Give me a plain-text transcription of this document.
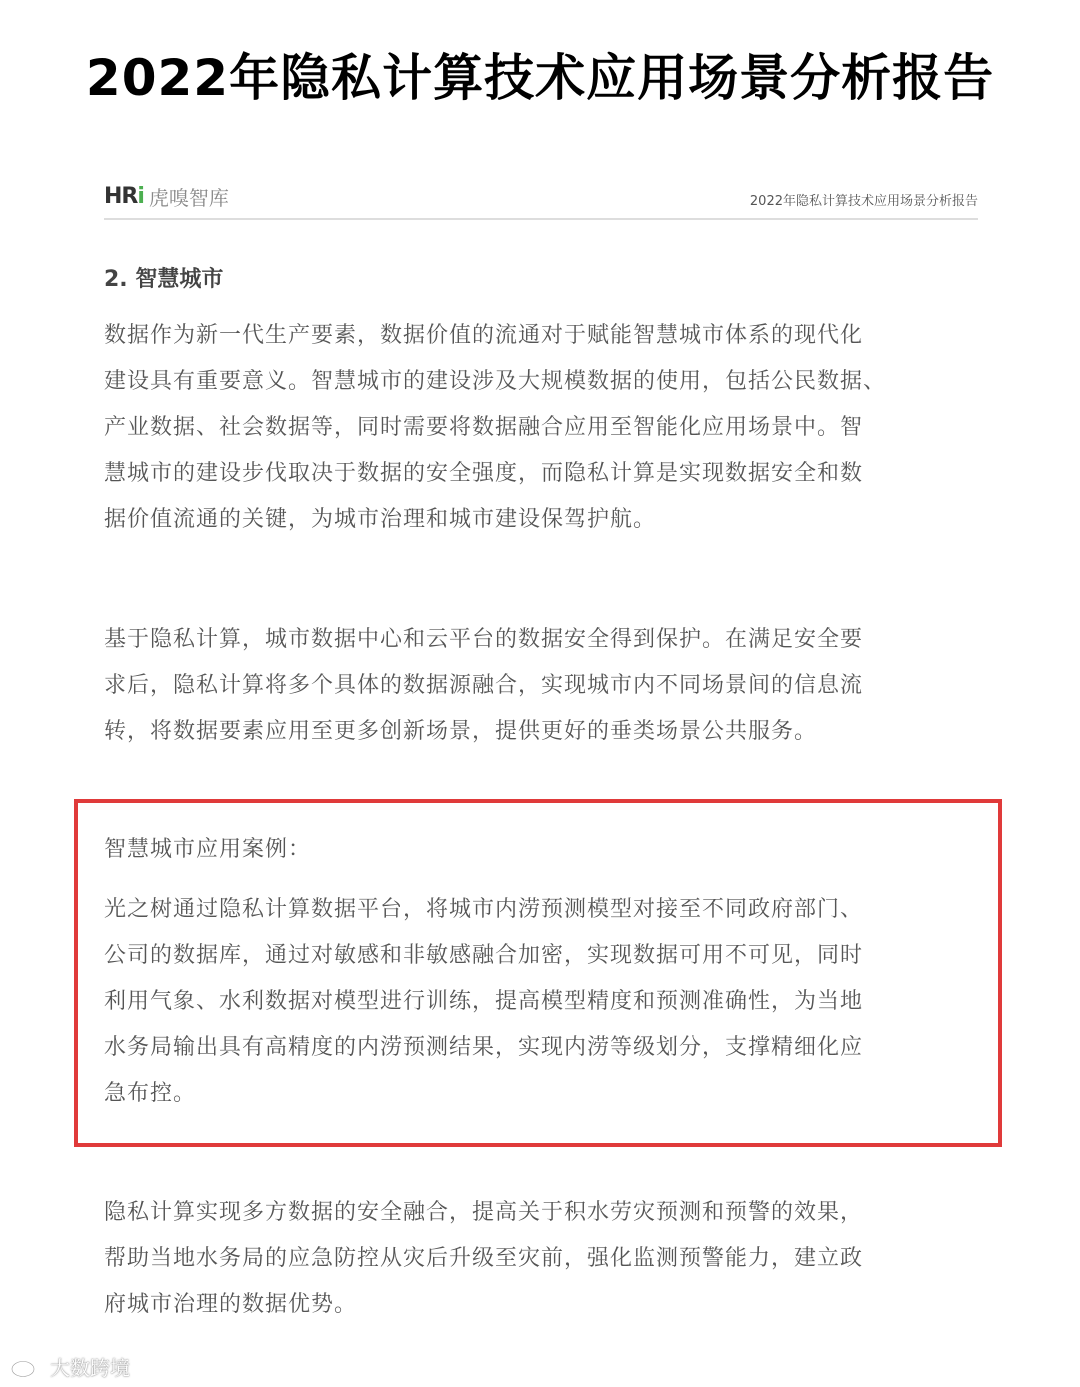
2022年隐私计算技术应用场景分析报告
HR i 虎嗅智库	2022年隐私计算技术应用场景分析报告
2. 智慧城市
数据作为新一代生产要素，数据价值的流通对于赋能智慧城市体系的现代化
建设具有重要意义。智慧城市的建设涉及大规模数据的使用，包括公民数据、
产业数据、社会数据等，同时需要将数据融合应用至智能化应用场景中。智
慧城市的建设步伐取决于数据的安全强度，而隐私计算是实现数据安全和数
据价值流通的关键，为城市治理和城市建设保驾护航。
基于隐私计算，城市数据中心和云平台的数据安全得到保护。在满足安全要
求后，隐私计算将多个具体的数据源融合，实现城市内不同场景间的信息流
转，将数据要素应用至更多创新场景，提供更好的垂类场景公共服务。
智慧城市应用案例：
光之树通过隐私计算数据平台，将城市内涝预测模型对接至不同政府部门、
公司的数据库，通过对敏感和非敏感融合加密，实现数据可用不可见，同时
利用气象、水利数据对模型进行训练，提高模型精度和预测准确性，为当地
水务局输出具有高精度的内涝预测结果，实现内涝等级划分，支撑精细化应
急布控。
隐私计算实现多方数据的安全融合，提高关于积水劳灾预测和预警的效果，
帮助当地水务局的应急防控从灾后升级至灾前，强化监测预警能力，建立政
府城市治理的数据优势。
大数跨境
